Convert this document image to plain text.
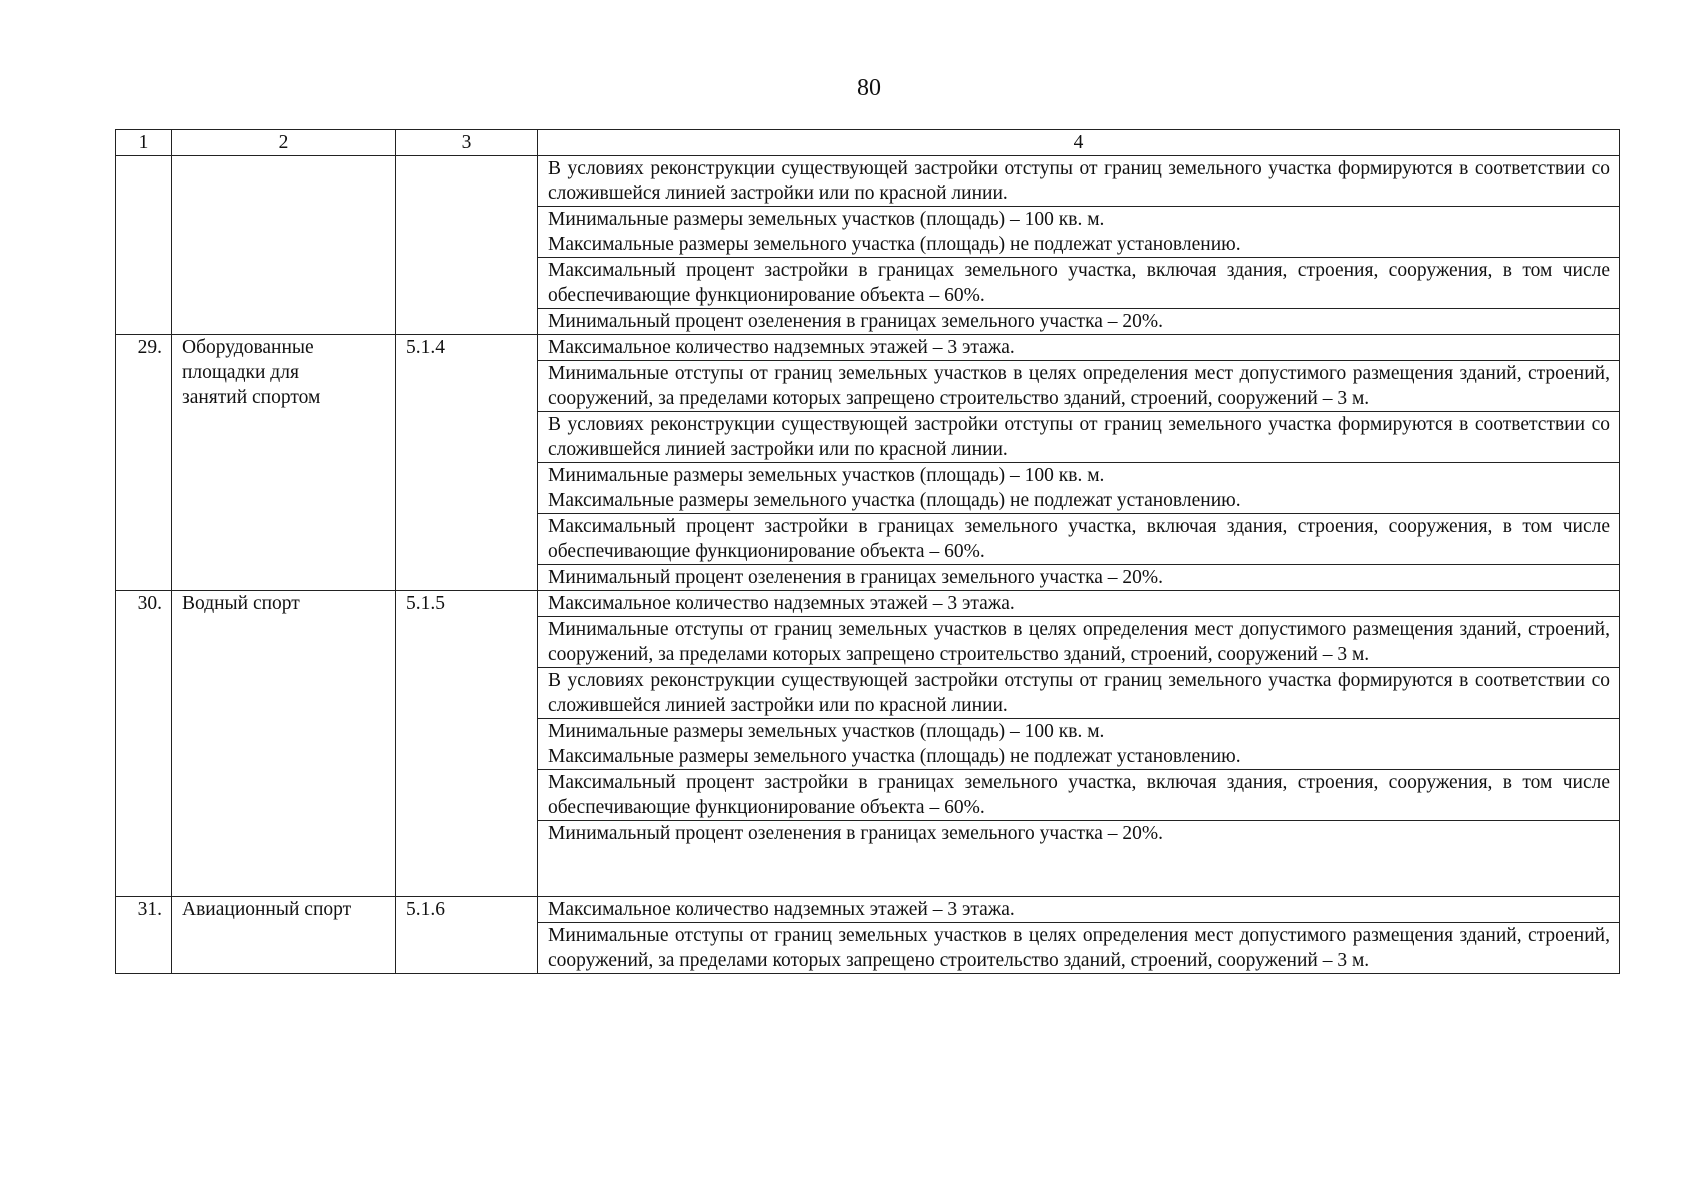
80
1	2	3	4
			В условиях реконструкции существующей застройки отступы от границ земельного участка формируются в соответствии со сложившейся линией застройки или по красной линии.

			Минимальные размеры земельных участков (площадь) – 100 кв. м.
Максимальные размеры земельного участка (площадь) не подлежат установлению.

			Максимальный процент застройки в границах земельного участка, включая здания, строения, сооружения, в том числе обеспечивающие функционирование объекта – 60%.
			Минимальный процент озеленения в границах земельного участка – 20%.
29.	Оборудованные
площадки для
занятий спортом	5.1.4	Максимальное количество надземных этажей – 3 этажа.
			Минимальные отступы от границ земельных участков в целях определения мест допустимого размещения зданий, строений, сооружений, за пределами которых запрещено строительство зданий, строений, сооружений – 3 м.
			В условиях реконструкции существующей застройки отступы от границ земельного участка формируются в соответствии со сложившейся линией застройки или по красной линии.

			Минимальные размеры земельных участков (площадь) – 100 кв. м.
Максимальные размеры земельного участка (площадь) не подлежат установлению.

			Максимальный процент застройки в границах земельного участка, включая здания, строения, сооружения, в том числе обеспечивающие функционирование объекта – 60%.
			Минимальный процент озеленения в границах земельного участка – 20%.
30.	Водный спорт	5.1.5	Максимальное количество надземных этажей – 3 этажа.
			Минимальные отступы от границ земельных участков в целях определения мест допустимого размещения зданий, строений, сооружений, за пределами которых запрещено строительство зданий, строений, сооружений – 3 м.
			В условиях реконструкции существующей застройки отступы от границ земельного участка формируются в соответствии со сложившейся линией застройки или по красной линии.

			Минимальные размеры земельных участков (площадь) – 100 кв. м.
Максимальные размеры земельного участка (площадь) не подлежат установлению.

			Максимальный процент застройки в границах земельного участка, включая здания, строения, сооружения, в том числе обеспечивающие функционирование объекта – 60%.
			Минимальный процент озеленения в границах земельного участка – 20%.
31.	Авиационный спорт	5.1.6	Максимальное количество надземных этажей – 3 этажа.
			Минимальные отступы от границ земельных участков в целях определения мест допустимого размещения зданий, строений, сооружений, за пределами которых запрещено строительство зданий, строений, сооружений – 3 м.
